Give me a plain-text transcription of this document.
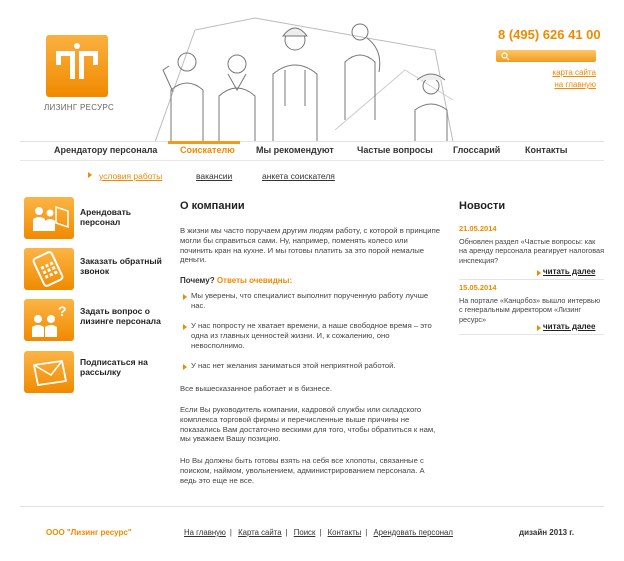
ЛИЗИНГ РЕСУРС
8 (495) 626 41 00
карта сайта
на главную
Арендатору персонала	Соискателю Мы рекомендуют	Частые вопросы Глоссарий	Контакты
условия работы	вакансии	анкета соискателя
Арендовать персонал
Заказать обратный звонок
? Задать вопрос о лизинге персонала
Подписаться на рассылку
О компании
В жизни мы часто поручаем другим людям работу, с которой в принципе могли бы справиться сами. Ну, например, поменять колесо или починить кран на кухне. И мы готовы платить за это порой немалые деньги.
Почему? Ответы очевидны:
Мы уверены, что специалист выполнит порученную работу лучше нас.
У нас попросту не хватает времени, а наше свободное время – это одна из главных ценностей жизни. И, к сожалению, оно невосполнимо.
У нас нет желания заниматься этой неприятной работой.
Все вышесказанное работает и в бизнесе.
Если Вы руководитель компании, кадровой службы или складского комплекса торговой фирмы и перечисленные выше причины не показались Вам достаточно вескими для того, чтобы обратиться к нам, мы уважаем Вашу позицию.
Но Вы должны быть готовы взять на себя все хлопоты, связанные с поиском, наймом, увольнением, администрированием персонала. А ведь это еще не все.
Новости
21.05.2014
Обновлен раздел «Частые вопросы: как на аренду персонала реагирует налоговая инспекция?
читать далее
15.05.2014
На портале «Канцобоз» вышло интервью с генеральным директором «Лизинг ресурс»
читать далее
ООО "Лизинг ресурс"	На главную | Карта сайта | Поиск | Контакты | Арендовать персонал	дизайн 2013 г.
